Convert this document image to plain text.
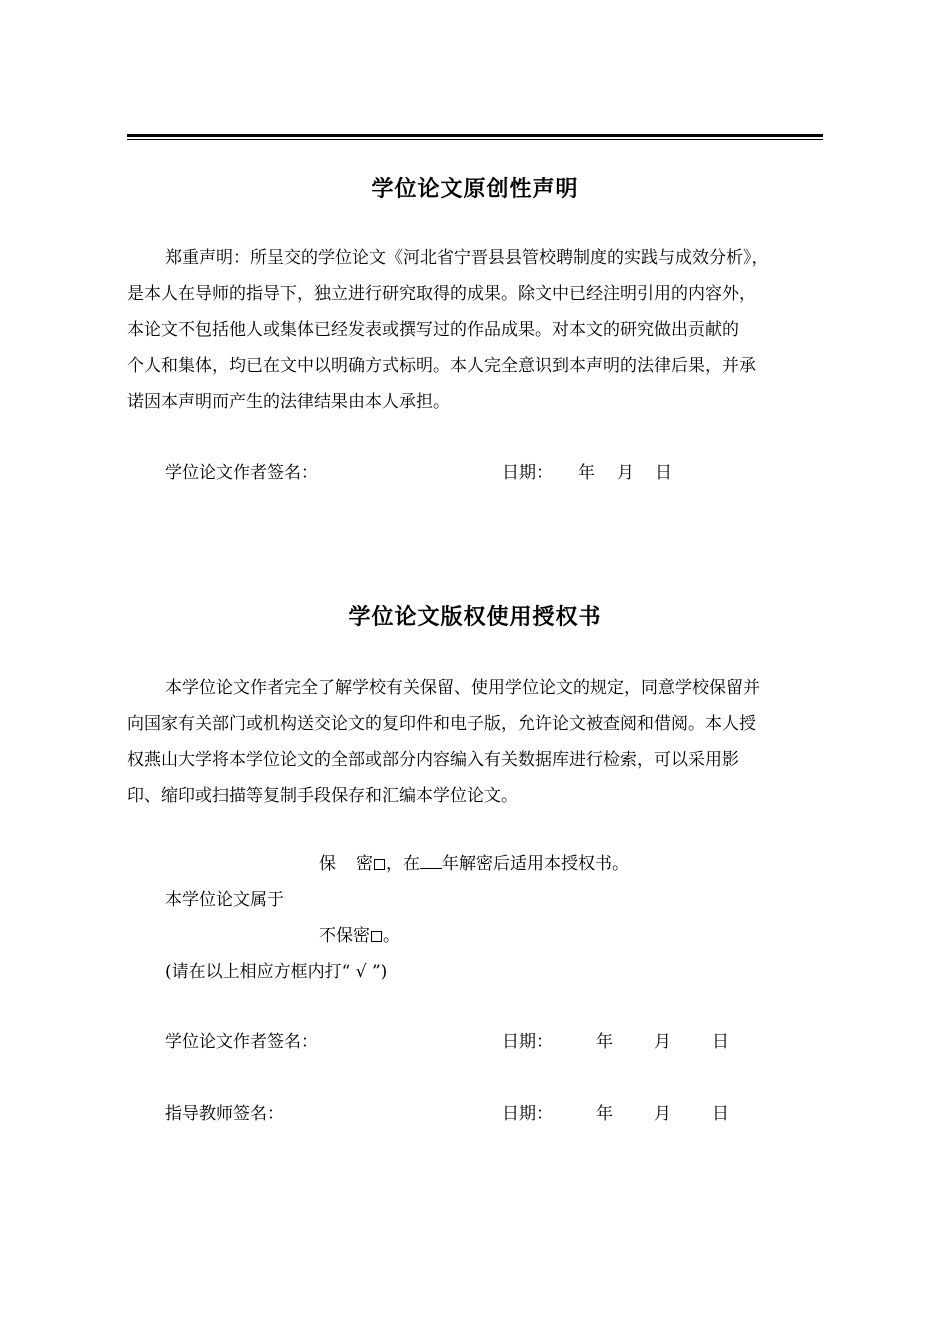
学位论文原创性声明
郑重声明：所呈交的学位论文《河北省宁晋县县管校聘制度的实践与成效分析》，
是本人在导师的指导下，独立进行研究取得的成果。除文中已经注明引用的内容外，
本论文不包括他人或集体已经发表或撰写过的作品成果。对本文的研究做出贡献的
个人和集体，均已在文中以明确方式标明。本人完全意识到本声明的法律后果，并承
诺因本声明而产生的法律结果由本人承担。
学位论文作者签名：	日期： 年 月 日
学位论文版权使用授权书
本学位论文作者完全了解学校有关保留、使用学位论文的规定，同意学校保留并
向国家有关部门或机构送交论文的复印件和电子版，允许论文被查阅和借阅。本人授
权燕山大学将本学位论文的全部或部分内容编入有关数据库进行检索，可以采用影
印、缩印或扫描等复制手段保存和汇编本学位论文。
保 密 ，在 年解密后适用本授权书。
本学位论文属于
不保密 。
(请在以上相应方框内打“ √ ”)
学位论文作者签名：	日期：	年 月 日
指导教师签名：	日期：	年 月 日
